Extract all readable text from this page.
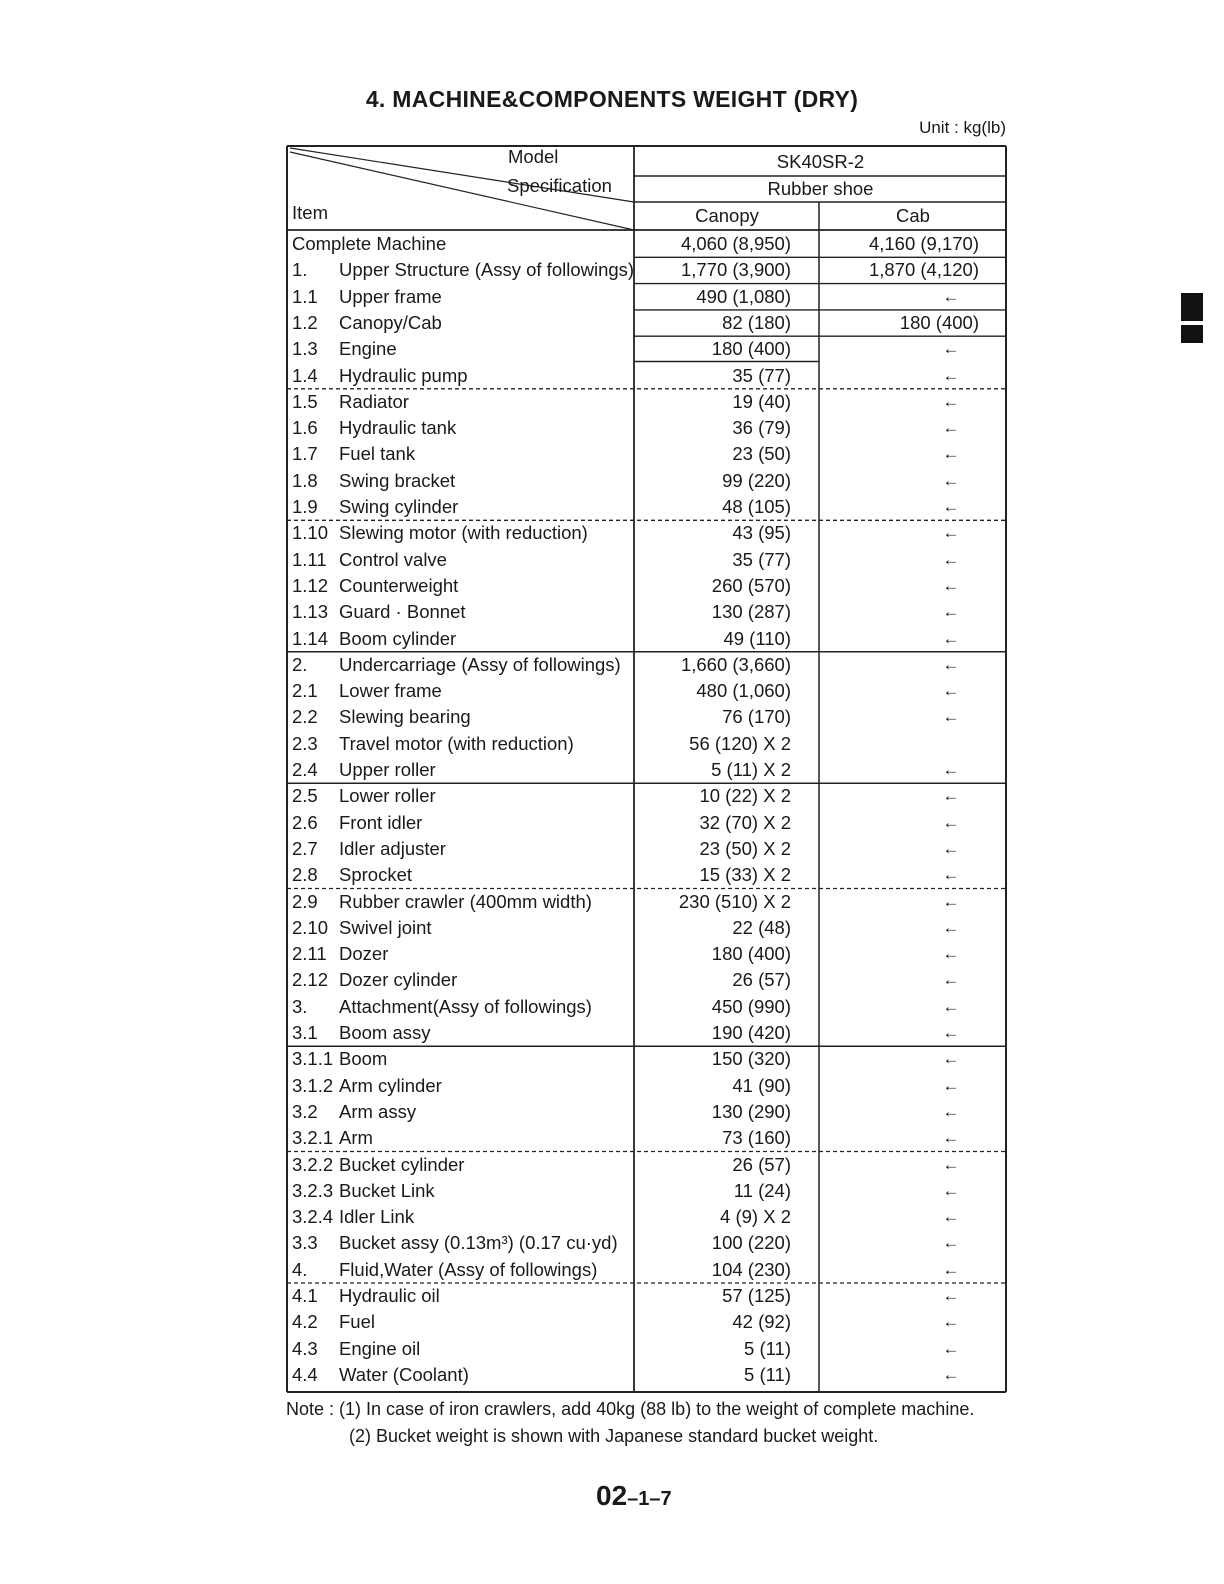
4. MACHINE&COMPONENTS WEIGHT (DRY)
Unit : kg(lb)
Model
Specification
Item
SK40SR-2
Rubber shoe
Canopy	Cab
Complete Machine	4,060 (8,950)	4,160 (9,170)
1.	Upper Structure (Assy of followings)	1,770 (3,900)	1,870 (4,120)
1.1	Upper frame	490 (1,080)	←
1.2	Canopy/Cab	82 (180)	180 (400)
1.3	Engine	180 (400)	←
1.4	Hydraulic pump	35 (77)	←
1.5	Radiator	19 (40)	←
1.6	Hydraulic tank	36 (79)	←
1.7	Fuel tank	23 (50)	←
1.8	Swing bracket	99 (220)	←
1.9	Swing cylinder	48 (105)	←
1.10 Slewing motor (with reduction)	43 (95)	←
1.11 Control valve	35 (77)	←
1.12 Counterweight	260 (570)	←
1.13 Guard · Bonnet	130 (287)	←
1.14 Boom cylinder	49 (110)	←
2.	Undercarriage (Assy of followings)	1,660 (3,660)	←
2.1	Lower frame	480 (1,060)	←
2.2	Slewing bearing	76 (170)	←
2.3	Travel motor (with reduction)	56 (120) X 2
2.4	Upper roller	5 (11) X 2	←
2.5	Lower roller	10 (22) X 2	←
2.6	Front idler	32 (70) X 2	←
2.7	Idler adjuster	23 (50) X 2	←
2.8	Sprocket	15 (33) X 2	←
2.9	Rubber crawler (400mm width)	230 (510) X 2	←
2.10 Swivel joint	22 (48)	←
2.11 Dozer	180 (400)	←
2.12 Dozer cylinder	26 (57)	←
3.	Attachment(Assy of followings)	450 (990)	←
3.1	Boom assy	190 (420)	←
3.1.1 Boom	150 (320)	←
3.1.2 Arm cylinder	41 (90)	←
3.2	Arm assy	130 (290)	←
3.2.1 Arm	73 (160)	←
3.2.2 Bucket cylinder	26 (57)	←
3.2.3 Bucket Link	11 (24)	←
3.2.4 Idler Link	4 (9) X 2	←
3.3	Bucket assy (0.13m³) (0.17 cu·yd)	100 (220)	←
4.	Fluid,Water (Assy of followings)	104 (230)	←
4.1	Hydraulic oil	57 (125)	←
4.2	Fuel	42 (92)	←
4.3	Engine oil	5 (11)	←
4.4	Water (Coolant)	5 (11)	←
Note : (1) In case of iron crawlers, add 40kg (88 lb) to the weight of complete machine.
(2) Bucket weight is shown with Japanese standard bucket weight.
02–1–7
